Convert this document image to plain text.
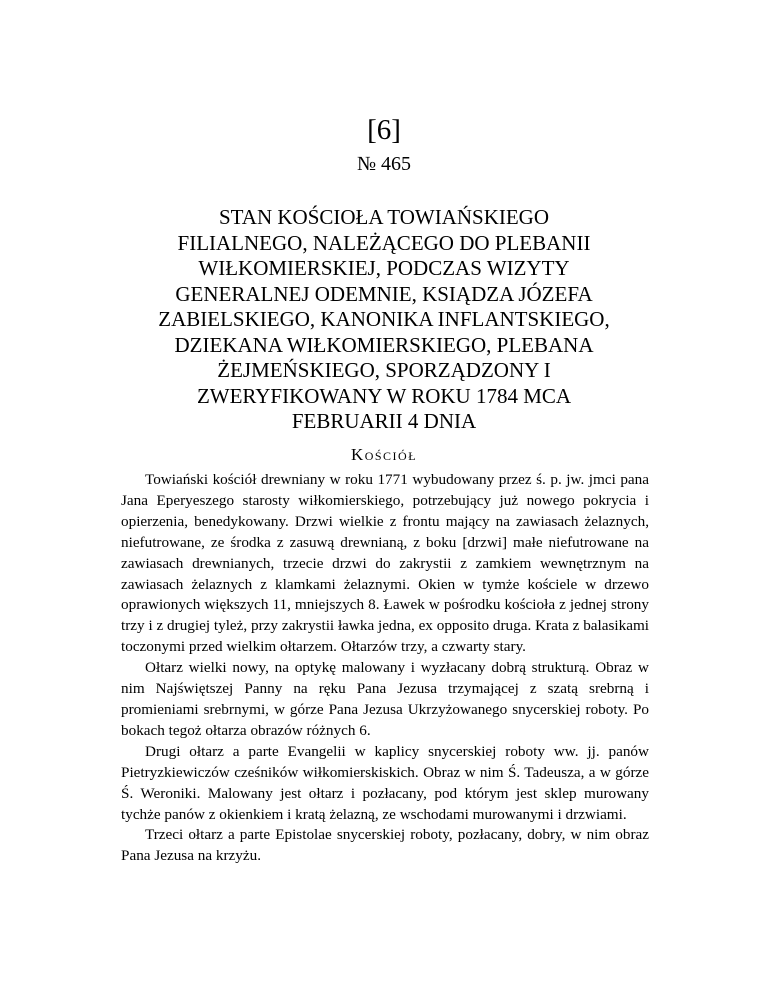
[6]
№ 465
STAN KOŚCIOŁA TOWIAŃSKIEGO
FILIALNEGO, NALEŻĄCEGO DO PLEBANII
WIŁKOMIERSKIEJ, PODCZAS WIZYTY
GENERALNEJ ODEMNIE, KSIĄDZA JÓZEFA
ZABIELSKIEGO, KANONIKA INFLANTSKIEGO,
DZIEKANA WIŁKOMIERSKIEGO, PLEBANA
ŻEJMEŃSKIEGO, SPORZĄDZONY I
ZWERYFIKOWANY W ROKU 1784 MCA
FEBRUARII 4 DNIA
Kościół

Towiański kościół drewniany w roku 1771 wybudowany przez ś. p. jw. jmci pana Jana Eperyeszego starosty wiłkomierskiego, potrzebujący już nowego pokrycia i opierzenia, benedykowany. Drzwi wielkie z frontu mający na zawiasach żelaznych, niefutrowane, ze środka z zasuwą drewnianą, z boku [drzwi] małe niefutrowane na zawiasach drewnianych, trzecie drzwi do zakrystii z zamkiem wewnętrznym na zawiasach żelaznych z klamkami żelaznymi. Okien w tymże kościele w drzewo oprawionych większych 11, mniejszych 8. Ławek w pośrodku kościoła z jednej strony trzy i z drugiej tyleż, przy zakrystii ławka jedna, ex opposito druga. Krata z balasikami toczonymi przed wielkim ołtarzem. Ołtarzów trzy, a czwarty stary.

Ołtarz wielki nowy, na optykę malowany i wyzłacany dobrą strukturą. Obraz w nim Najświętszej Panny na ręku Pana Jezusa trzymającej z szatą srebrną i promieniami srebrnymi, w górze Pana Jezusa Ukrzyżowanego snycerskiej roboty. Po bokach tegoż ołtarza obrazów różnych 6.

Drugi ołtarz a parte Evangelii w kaplicy snycerskiej roboty ww. jj. panów Pietryzkiewiczów cześników wiłkomierskiskich. Obraz w nim Ś. Tadeusza, a w górze Ś. Weroniki. Malowany jest ołtarz i pozłacany, pod którym jest sklep murowany tychże panów z okienkiem i kratą żelazną, ze wschodami murowanymi i drzwiami.

Trzeci ołtarz a parte Epistolae snycerskiej roboty, pozłacany, dobry, w nim obraz Pana Jezusa na krzyżu.
